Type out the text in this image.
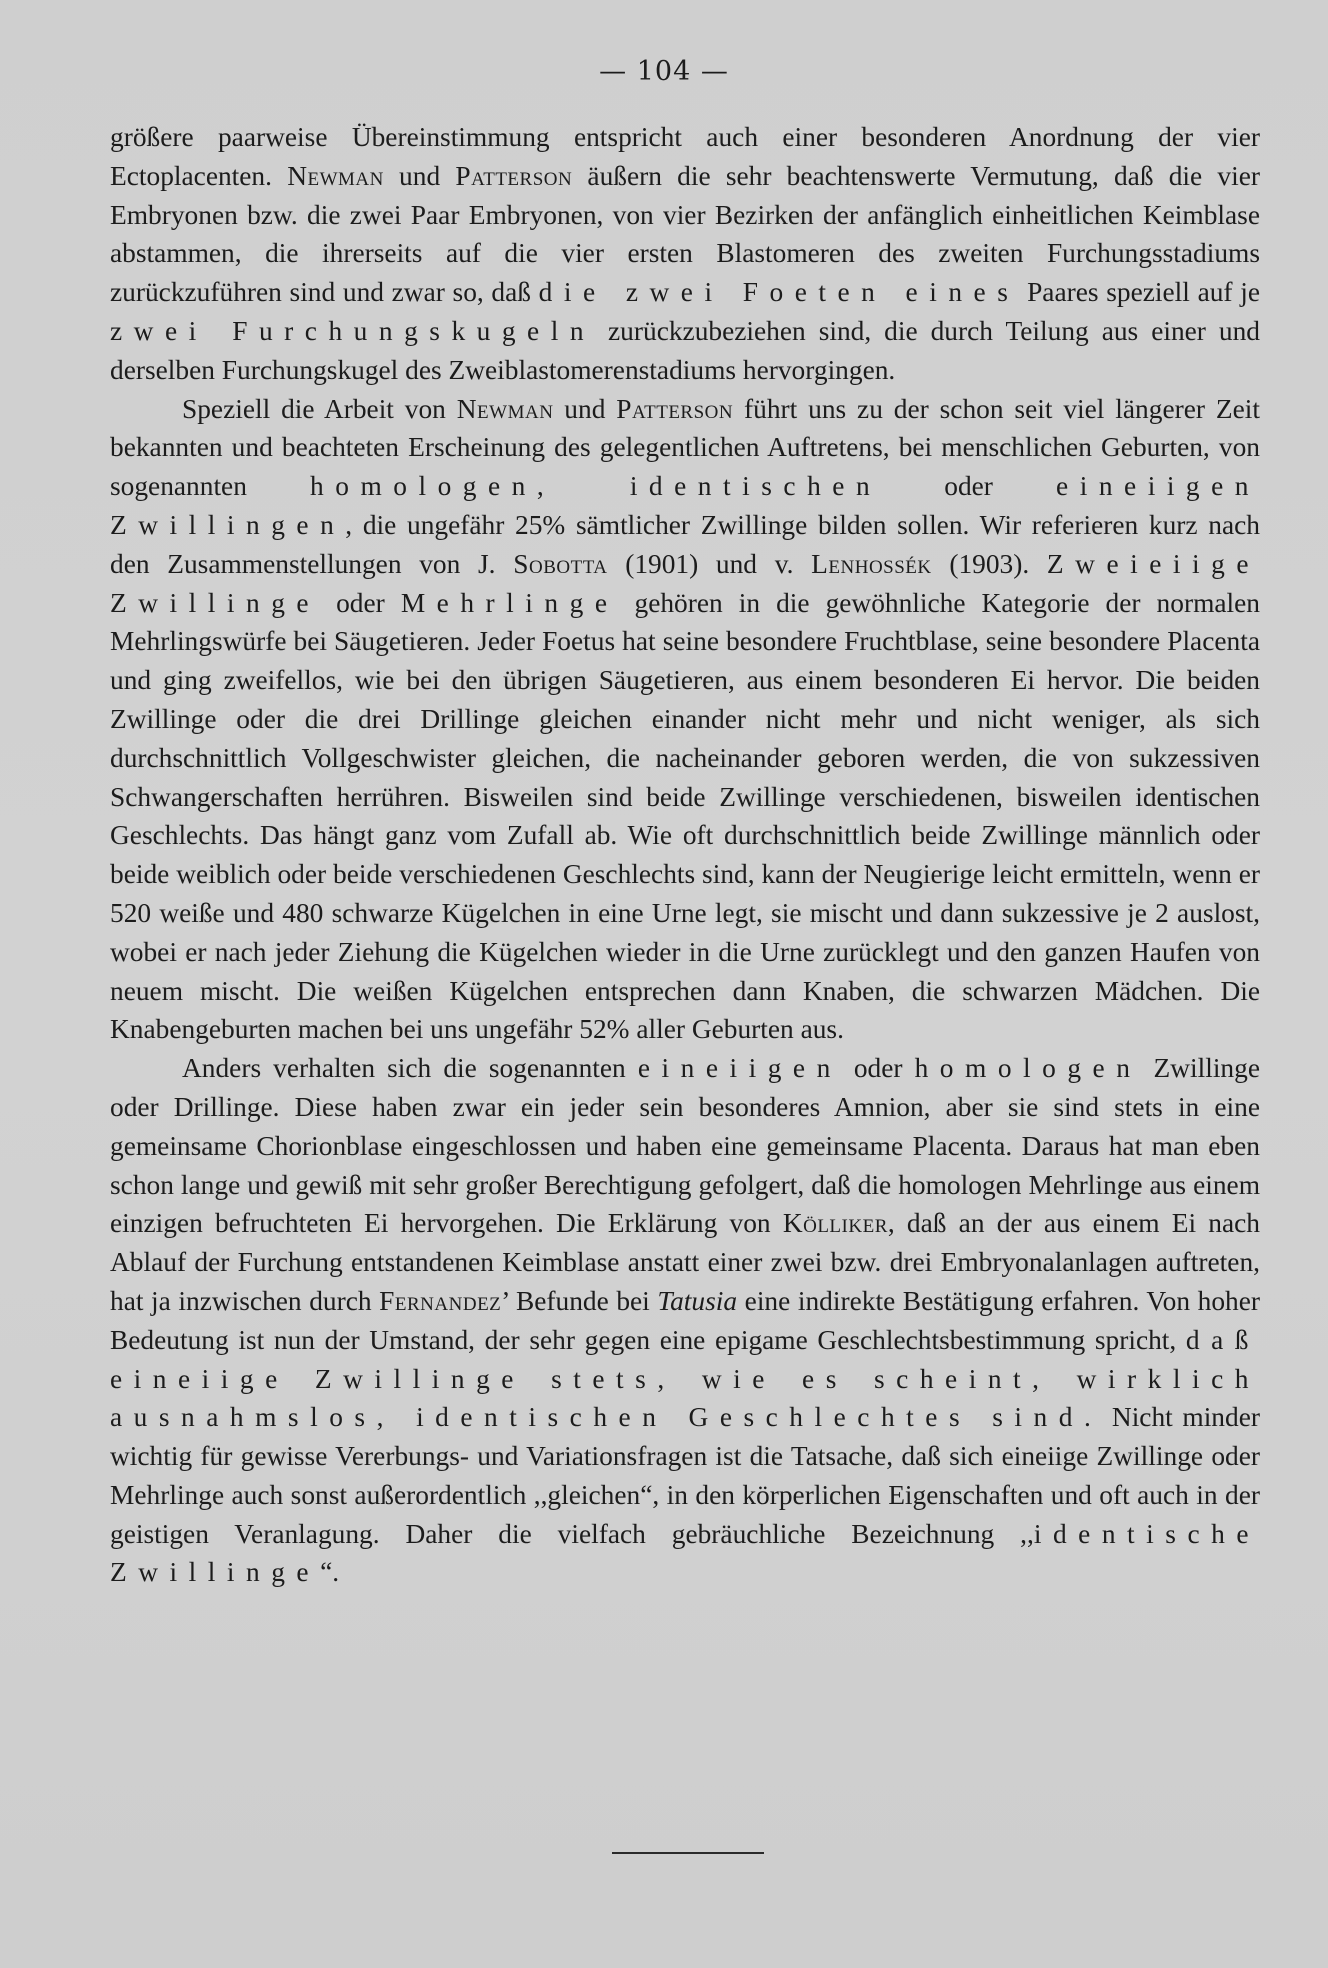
— 104 —

größere paarweise Übereinstimmung entspricht auch einer besonderen Anordnung der vier Ectoplacenten. Newman und Patterson äußern die sehr beachtenswerte Vermutung, daß die vier Embryonen bzw. die zwei Paar Embryonen, von vier Bezirken der anfänglich einheitlichen Keimblase abstammen, die ihrerseits auf die vier ersten Blastomeren des zweiten Furchungsstadiums zurückzuführen sind und zwar so, daß die zwei Foeten eines Paares speziell auf je zwei Furchungskugeln zurückzubeziehen sind, die durch Teilung aus einer und derselben Furchungskugel des Zweiblastomerenstadiums hervorgingen.

Speziell die Arbeit von Newman und Patterson führt uns zu der schon seit viel längerer Zeit bekannten und beachteten Erscheinung des gelegentlichen Auftretens, bei menschlichen Geburten, von sogenannten homologen, identischen oder eineiigen Zwillingen, die ungefähr 25% sämtlicher Zwillinge bilden sollen. Wir referieren kurz nach den Zusammenstellungen von J. Sobotta (1901) und v. Lenhossék (1903). Zweieiige Zwillinge oder Mehrlinge gehören in die gewöhnliche Kategorie der normalen Mehrlingswürfe bei Säugetieren. Jeder Foetus hat seine besondere Fruchtblase, seine besondere Placenta und ging zweifellos, wie bei den übrigen Säugetieren, aus einem besonderen Ei hervor. Die beiden Zwillinge oder die drei Drillinge gleichen einander nicht mehr und nicht weniger, als sich durchschnittlich Vollgeschwister gleichen, die nacheinander geboren werden, die von sukzessiven Schwangerschaften herrühren. Bisweilen sind beide Zwillinge verschiedenen, bisweilen identischen Geschlechts. Das hängt ganz vom Zufall ab. Wie oft durchschnittlich beide Zwillinge männlich oder beide weiblich oder beide verschiedenen Geschlechts sind, kann der Neugierige leicht ermitteln, wenn er 520 weiße und 480 schwarze Kügelchen in eine Urne legt, sie mischt und dann sukzessive je 2 auslost, wobei er nach jeder Ziehung die Kügelchen wieder in die Urne zurücklegt und den ganzen Haufen von neuem mischt. Die weißen Kügelchen entsprechen dann Knaben, die schwarzen Mädchen. Die Knabengeburten machen bei uns ungefähr 52% aller Geburten aus.

Anders verhalten sich die sogenannten eineiigen oder homologen Zwillinge oder Drillinge. Diese haben zwar ein jeder sein besonderes Amnion, aber sie sind stets in eine gemeinsame Chorionblase eingeschlossen und haben eine gemeinsame Placenta. Daraus hat man eben schon lange und gewiß mit sehr großer Berechtigung gefolgert, daß die homologen Mehrlinge aus einem einzigen befruchteten Ei hervorgehen. Die Erklärung von Kölliker, daß an der aus einem Ei nach Ablauf der Furchung entstandenen Keimblase anstatt einer zwei bzw. drei Embryonalanlagen auftreten, hat ja inzwischen durch Fernandez’ Befunde bei Tatusia eine indirekte Bestätigung erfahren. Von hoher Bedeutung ist nun der Umstand, der sehr gegen eine epigame Geschlechtsbestimmung spricht, daß eineiige Zwillinge stets, wie es scheint, wirklich ausnahmslos, identischen Geschlechtes sind. Nicht minder wichtig für gewisse Vererbungs- und Variationsfragen ist die Tatsache, daß sich eineiige Zwillinge oder Mehrlinge auch sonst außerordentlich ,,gleichen“, in den körperlichen Eigenschaften und oft auch in der geistigen Veranlagung. Daher die vielfach gebräuchliche Bezeichnung ,,identische Zwillinge“.
